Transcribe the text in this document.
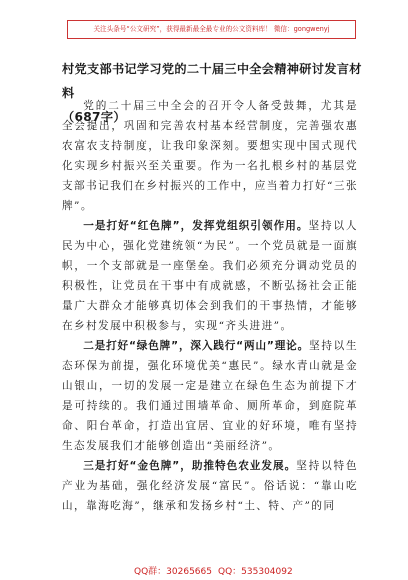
关注头条号“公文研究”，获得最新最全最专业的公文资料库！ 微信：gongwenyj
村党支部书记学习党的二十届三中全会精神研讨发言材料
（687字）

党的二十届三中全会的召开令人备受鼓舞，尤其是全会提出，巩固和完善农村基本经营制度，完善强农惠农富农支持制度，让我印象深刻。要想实现中国式现代化实现乡村振兴至关重要。作为一名扎根乡村的基层党支部书记我们在乡村振兴的工作中，应当着力打好“三张牌”。

一是打好“红色牌”，发挥党组织引领作用。坚持以人民为中心，强化党建统领“为民”。一个党员就是一面旗帜，一个支部就是一座堡垒。我们必须充分调动党员的积极性，让党员在干事中有成就感，不断弘扬社会正能量广大群众才能够真切体会到我们的干事热情，才能够在乡村发展中积极参与，实现“齐头进进”。

二是打好“绿色牌”，深入践行“两山”理论。坚持以生态环保为前提，强化环境优美“惠民”。绿水青山就是金山银山，一切的发展一定是建立在绿色生态为前提下才是可持续的。我们通过围墙革命、厕所革命，到庭院革命、阳台革命，打造出宜居、宜业的好环境，唯有坚持生态发展我们才能够创造出“美丽经济”。

三是打好“金色牌”，助推特色农业发展。坚持以特色产业为基础，强化经济发展“富民”。俗话说：“靠山吃山，靠海吃海”，继承和发扬乡村“土、特、产”的同

QQ群：30265665 QQ：535304092
